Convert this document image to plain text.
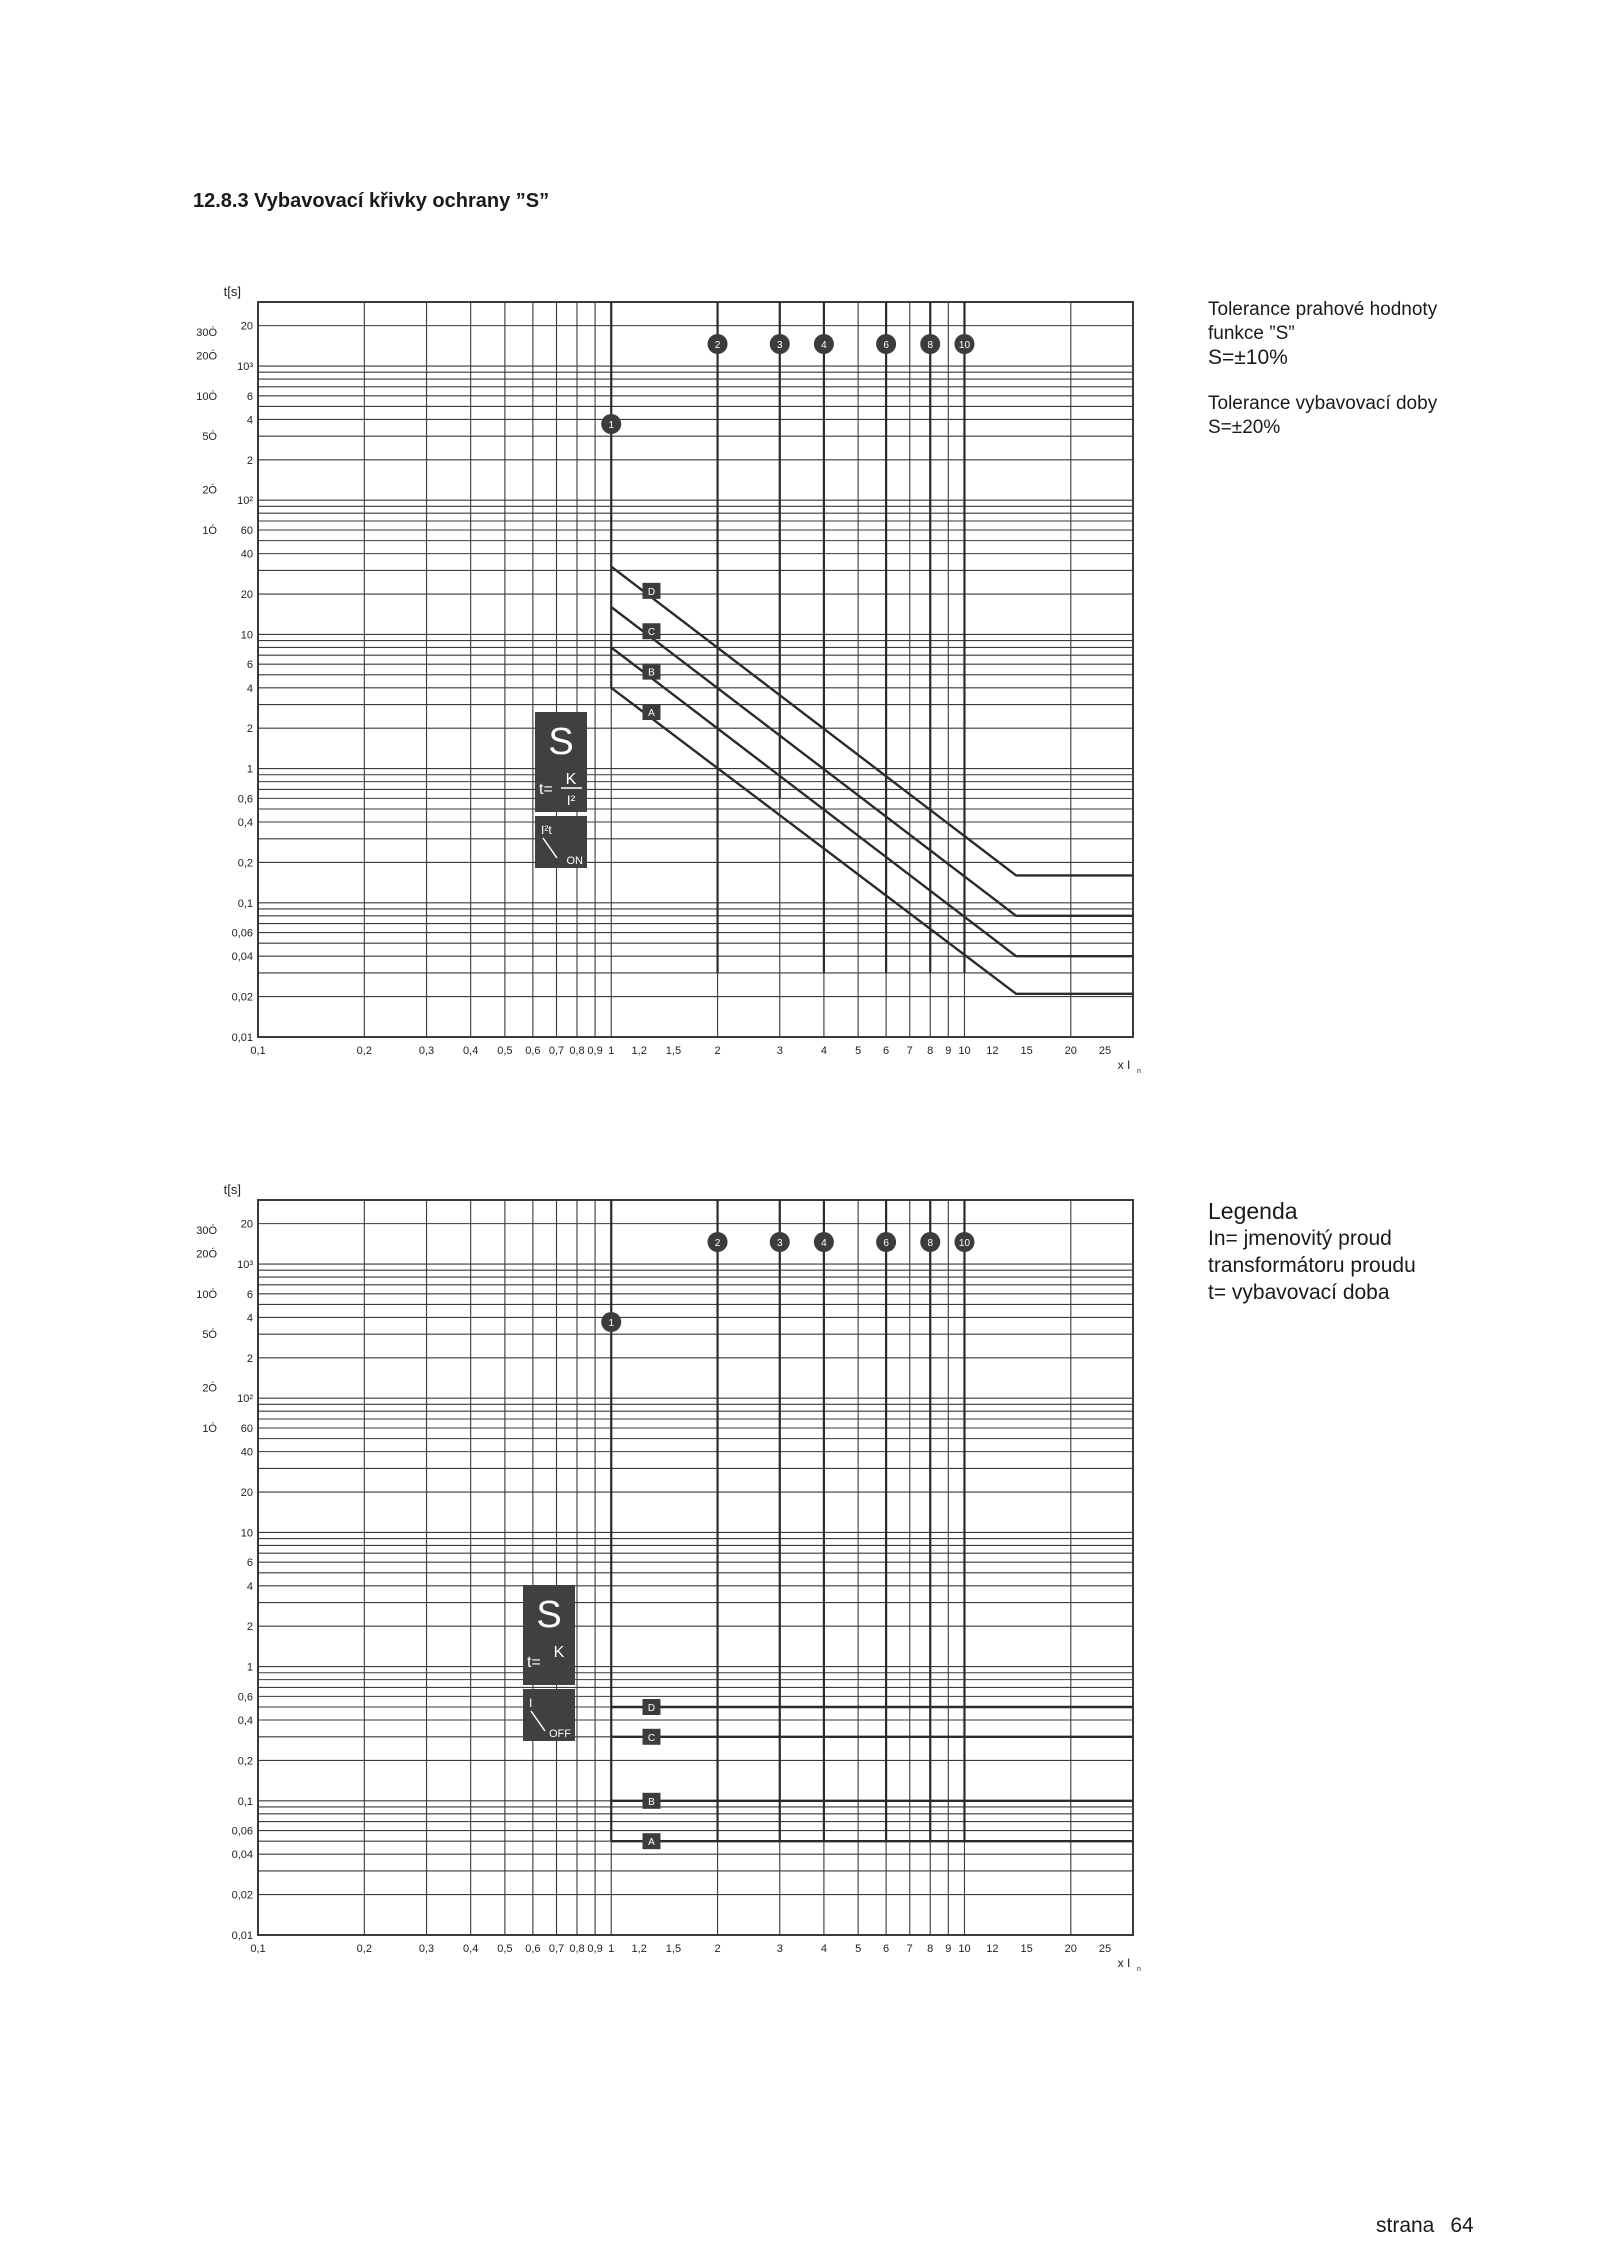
12.8.3 Vybavovací křivky ochrany ”S”
0,1	0,2	0,3	0,4 0,5 0,6 0,7 0,8 0,9 1 1,2 1,5	2	3	4	5 6 7 8 9 10 12 15	20 25
0,01
0,02
0,04
0,06
0,1
0,2
0,4
0,6
1
2
4
6
10
20
40
60
10²
2
4
6
10³
20
1Ó
2Ó
5Ó
10Ó
20Ó
30Ó
t[s]
x I n
1
2	3	4	6	8	10
D
C
B
A
S
t=
K
I²
I²t
ON
0,1	0,2	0,3	0,4 0,5 0,6 0,7 0,8 0,9 1 1,2 1,5	2	3	4	5 6 7 8 9 10 12 15	20 25
0,01
0,02
0,04
0,06
0,1
0,2
0,4
0,6
1
2
4
6
10
20
40
60
10²
2
4
6
10³
20
1Ó
2Ó
5Ó
10Ó
20Ó
30Ó
t[s]
x I n
1
2	3	4	6	8	10
D
C
B
A
S
t=
K
I
OFF
Tolerance prahové hodnoty
funkce ”S”
S=±10%
Tolerance vybavovací doby
S=±20%
Legenda
In= jmenovitý proud
transformátoru proudu
t= vybavovací doba
strana 64
